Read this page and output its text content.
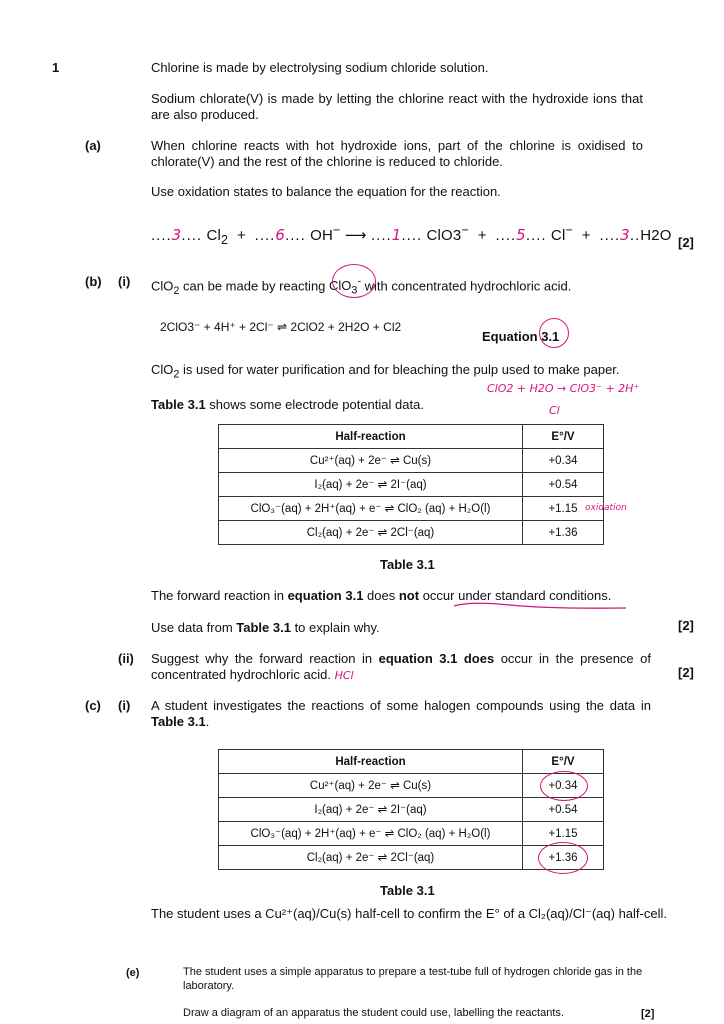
1	Chlorine is made by electrolysing sodium chloride solution.
Sodium chlorate(V) is made by letting the chlorine react with the hydroxide ions that are also produced.
(a)	When chlorine reacts with hot hydroxide ions, part of the chlorine is oxidised to chlorate(V) and the rest of the chlorine is reduced to chloride.
Use oxidation states to balance the equation for the reaction.
....3.... $Cl_2 + ....6$.... OH− ⟶ ....1.... ClO3− + ....5.... Cl− + ....3..H2O [2]
(b) (i) ClO$_2$ can be made by reacting ClO$_3$- with concentrated hydrochloric acid.
2ClO3⁻ + 4H⁺ + 2Cl⁻ ⇌ 2ClO2 + 2H2O + Cl2
Equation 3.1
ClO$_2$ is used for water purification and for bleaching the pulp used to make paper.
Table 3.1 shows some electrode potential data.
ClO2 + H2O → ClO3⁻ + 2H⁺
Cl
Half-reaction	E°/V
Cu²⁺(aq) + 2e⁻ ⇌ Cu(s)	+0.34
I₂(aq) + 2e⁻ ⇌ 2I⁻(aq)	+0.54
ClO₃⁻(aq) + 2H⁺(aq) + e⁻ ⇌ ClO₂ (aq) + H₂O(l)	+1.15
Cl₂(aq) + 2e⁻ ⇌ 2Cl⁻(aq)	+1.36
oxidation
Table 3.1
The forward reaction in equation 3.1 does not occur under standard conditions.
Use data from Table 3.1 to explain why.	[2]
(ii) Suggest why the forward reaction in equation 3.1 does occur in the presence of concentrated hydrochloric acid. HCl	[2]
(c) (i) A student investigates the reactions of some halogen compounds using the data in Table 3.1.
Half-reaction	E°/V
Cu²⁺(aq) + 2e⁻ ⇌ Cu(s)	+0.34
I₂(aq) + 2e⁻ ⇌ 2I⁻(aq)	+0.54
ClO₃⁻(aq) + 2H⁺(aq) + e⁻ ⇌ ClO₂ (aq) + H₂O(l)	+1.15
Cl₂(aq) + 2e⁻ ⇌ 2Cl⁻(aq)	+1.36
Table 3.1
The student uses a Cu²⁺(aq)/Cu(s) half-cell to confirm the E° of a Cl₂(aq)/Cl⁻(aq) half-cell.
(e)	The student uses a simple apparatus to prepare a test-tube full of hydrogen chloride gas in the laboratory.
Draw a diagram of an apparatus the student could use, labelling the reactants.	[2]
